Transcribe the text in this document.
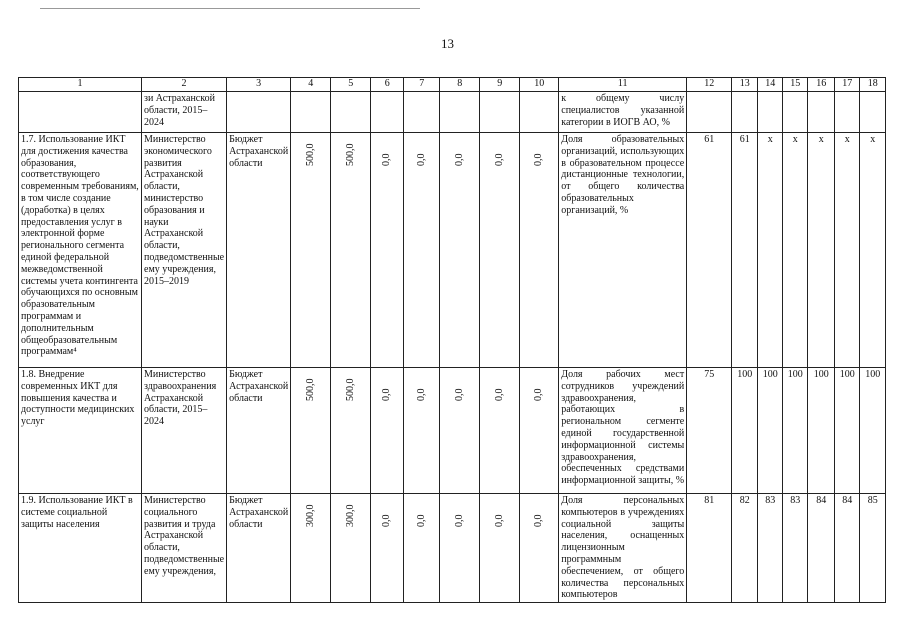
13
1	2	3	4	5	6	7	8	9	10	11	12	13	14	15	16	17	18
	зи Астраханской области, 2015–2024									к общему числу специалистов указанной категории в ИОГВ АО, %							
1.7. Использование ИКТ для достижения качества образования, соответствующего современным требованиям, в том числе создание (доработка) в целях предоставления услуг в электронной форме регионального сегмента единой федеральной межведомственной системы учета контингента обучающихся по основным образовательным программам и дополнительным общеобразовательным программам⁴	Министерство экономического развития Астраханской области, министерство образования и науки Астраханской области, подведомственные ему учреждения, 2015–2019	Бюджет Астраханской области	500,0	500,0	0,0	0,0	0,0	0,0	0,0	Доля образовательных организаций, использующих в образовательном процессе дистанционные технологии, от общего количества образовательных организаций, %	61	61	x	x	x	x	x
1.8. Внедрение современных ИКТ для повышения качества и доступности медицинских услуг	Министерство здравоохранения Астраханской области, 2015–2024	Бюджет Астраханской области	500,0	500,0	0,0	0,0	0,0	0,0	0,0	Доля рабочих мест сотрудников учреждений здравоохранения, работающих в региональном сегменте единой государственной информационной системы здравоохранения, обеспеченных средствами информационной защиты, %	75	100	100	100	100	100	100
1.9. Использование ИКТ в системе социальной защиты населения	Министерство социального развития и труда Астраханской области, подведомственные ему учреждения,	Бюджет Астраханской области	300,0	300,0	0,0	0,0	0,0	0,0	0,0	Доля персональных компьютеров в учреждениях социальной защиты населения, оснащенных лицензионным программным обеспечением, от общего количества персональных компьютеров	81	82	83	83	84	84	85
